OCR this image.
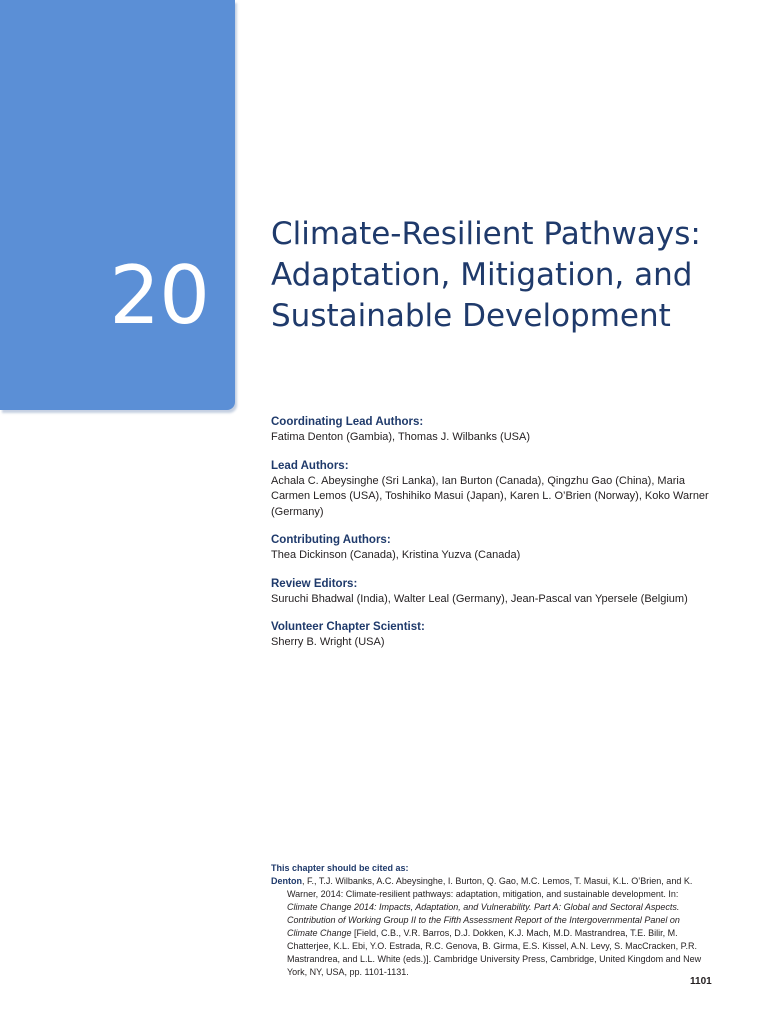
20
Climate-Resilient Pathways:
Adaptation, Mitigation, and
Sustainable Development

Coordinating Lead Authors:

Fatima Denton (Gambia), Thomas J. Wilbanks (USA)

Lead Authors:

Achala C. Abeysinghe (Sri Lanka), Ian Burton (Canada), Qingzhu Gao (China), Maria Carmen Lemos (USA), Toshihiko Masui (Japan), Karen L. O’Brien (Norway), Koko Warner (Germany)

Contributing Authors:

Thea Dickinson (Canada), Kristina Yuzva (Canada)

Review Editors:

Suruchi Bhadwal (India), Walter Leal (Germany), Jean-Pascal van Ypersele (Belgium)

Volunteer Chapter Scientist:

Sherry B. Wright (USA)

This chapter should be cited as:

Denton, F., T.J. Wilbanks, A.C. Abeysinghe, I. Burton, Q. Gao, M.C. Lemos, T. Masui, K.L. O’Brien, and K. Warner, 2014: Climate-resilient pathways: adaptation, mitigation, and sustainable development. In: Climate Change 2014: Impacts, Adaptation, and Vulnerability. Part A: Global and Sectoral Aspects. Contribution of Working Group II to the Fifth Assessment Report of the Intergovernmental Panel on Climate Change [Field, C.B., V.R. Barros, D.J. Dokken, K.J. Mach, M.D. Mastrandrea, T.E. Bilir, M. Chatterjee, K.L. Ebi, Y.O. Estrada, R.C. Genova, B. Girma, E.S. Kissel, A.N. Levy, S. MacCracken, P.R. Mastrandrea, and L.L. White (eds.)]. Cambridge University Press, Cambridge, United Kingdom and New York, NY, USA, pp. 1101-1131.

1101
